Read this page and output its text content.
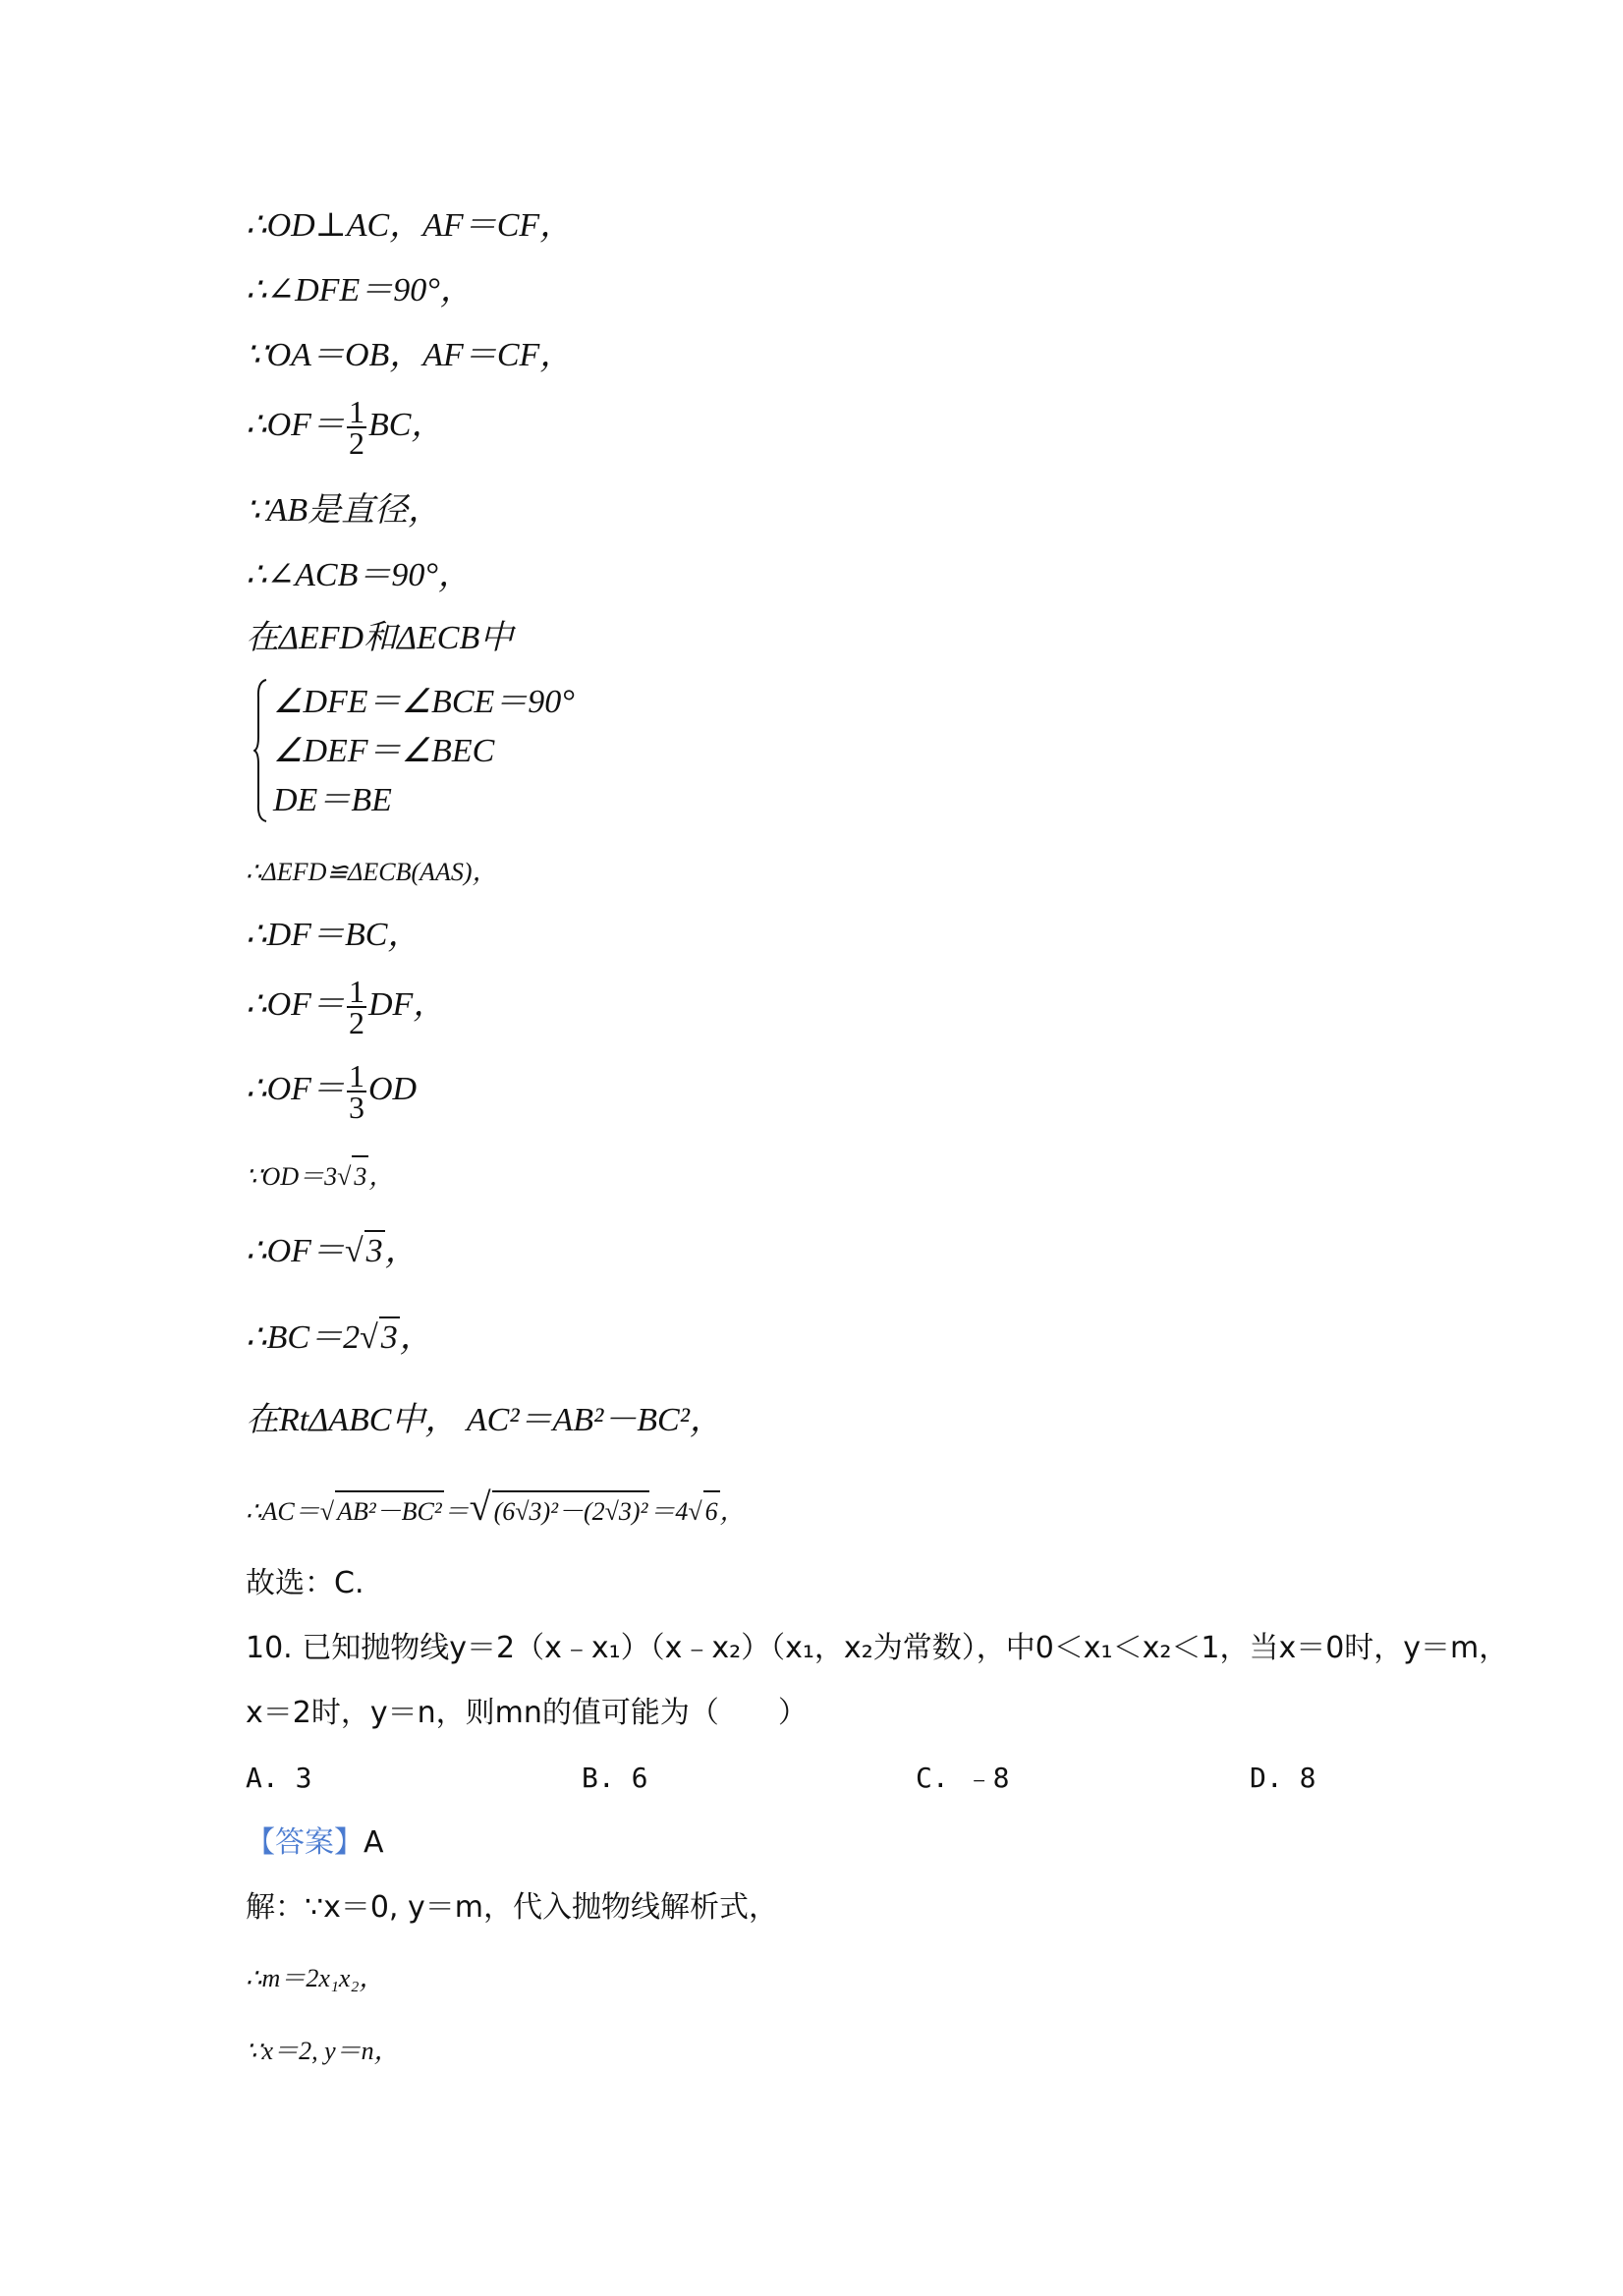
∴OD⊥AC，AF＝CF，
∴∠DFE＝90°，
∵OA＝OB，AF＝CF，
∴OF＝ $\frac{1}{2}$ BC，
∵AB是直径，
∴∠ACB＝90°，
在ΔEFD和ΔECB中
∠DFE＝∠BCE＝90°
∠DEF＝∠BEC
DE＝BE
∴ΔEFD≌ΔECB(AAS)，
∴DF＝BC，
∴OF＝ $\frac{1}{2}$ DF，
∴OF＝ $\frac{1}{3}$ OD
∵OD＝3√ 3，
∴OF＝√3，
∴BC＝2√3，
在RtΔABC中， AC²＝AB²－BC²，
∴AC＝√ AB²－BC²＝√ (6√3)²－(2√3)²＝4√ 6，
故选：C.
10. 已知抛物线y＝2（x﹣x₁）（x﹣x₂）（x₁，x₂为常数），中0＜x₁＜x₂＜1，当x＝0时，y＝m，
x＝2时，y＝n，则mn的值可能为（　　）
A. 3	B. 6	C. ﹣8	D. 8
【答案】A
解：∵x＝0, y＝m，代入抛物线解析式，
∴m＝2x₁x₂，
∵x＝2, y＝n，
